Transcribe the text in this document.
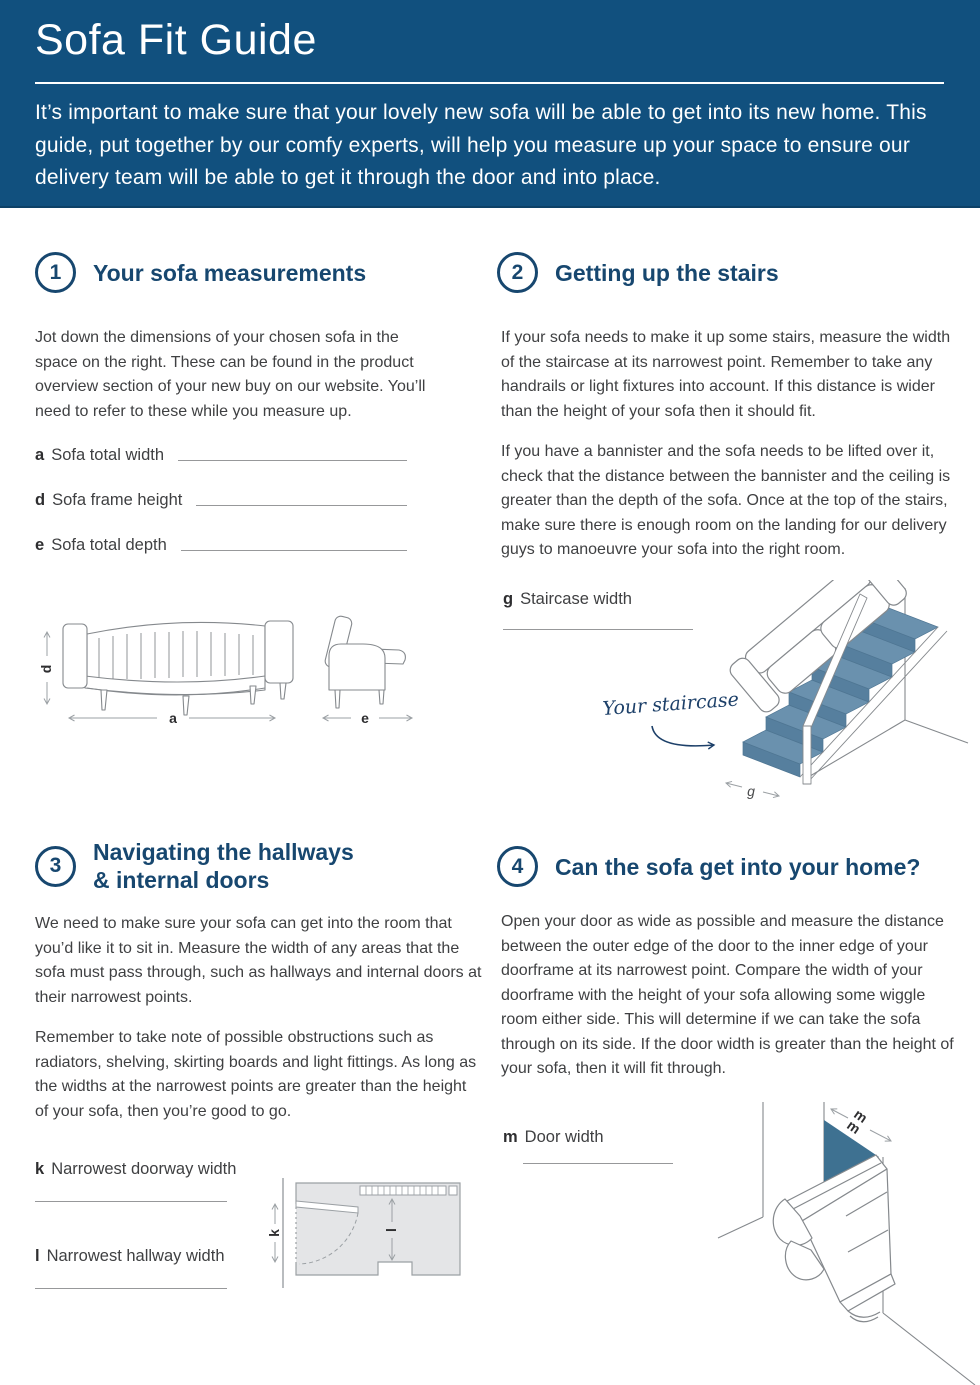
Sofa Fit Guide

It’s important to make sure that your lovely new sofa will be able to get into its new home. This guide, put together by our comfy experts, will help you measure up your space to ensure our delivery team will be able to get it through the door and into place.

1	Your sofa measurements

Jot down the dimensions of your chosen sofa in the space on the right. These can be found in the product overview section of your new buy on our website. You’ll need to refer to these while you measure up.

a Sofa total width
d Sofa frame height
e Sofa total depth
d
a	e
2	Getting up the stairs

If your sofa needs to make it up some stairs, measure the width of the staircase at its narrowest point. Remember to take any handrails or light fixtures into account. If this distance is wider than the height of your sofa then it should fit.

If you have a bannister and the sofa needs to be lifted over it, check that the distance between the bannister and the ceiling is greater than the depth of the sofa. Once at the top of the stairs, make sure there is enough room on the landing for our delivery guys to manoeuvre your sofa into the right room.

g Staircase width
g
Your staircase
3
Navigating the hallways
& internal doors

We need to make sure your sofa can get into the room that you’d like it to sit in. Measure the width of any areas that the sofa must pass through, such as hallways and internal doors at their narrowest points.

Remember to take note of possible obstructions such as radiators, shelving, skirting boards and light fittings. As long as the widths at the narrowest points are greater than the height of your sofa, then you’re good to go.

k Narrowest doorway width
l Narrowest hallway width
k	l
4	Can the sofa get into your home?

Open your door as wide as possible and measure the distance between the outer edge of the door to the inner edge of your doorframe at its narrowest point. Compare the width of your doorframe with the height of your sofa allowing some wiggle room either side. This will determine if we can take the sofa through on its side. If the door width is greater than the height of your sofa, then it will fit through.

m Door width
m
m
